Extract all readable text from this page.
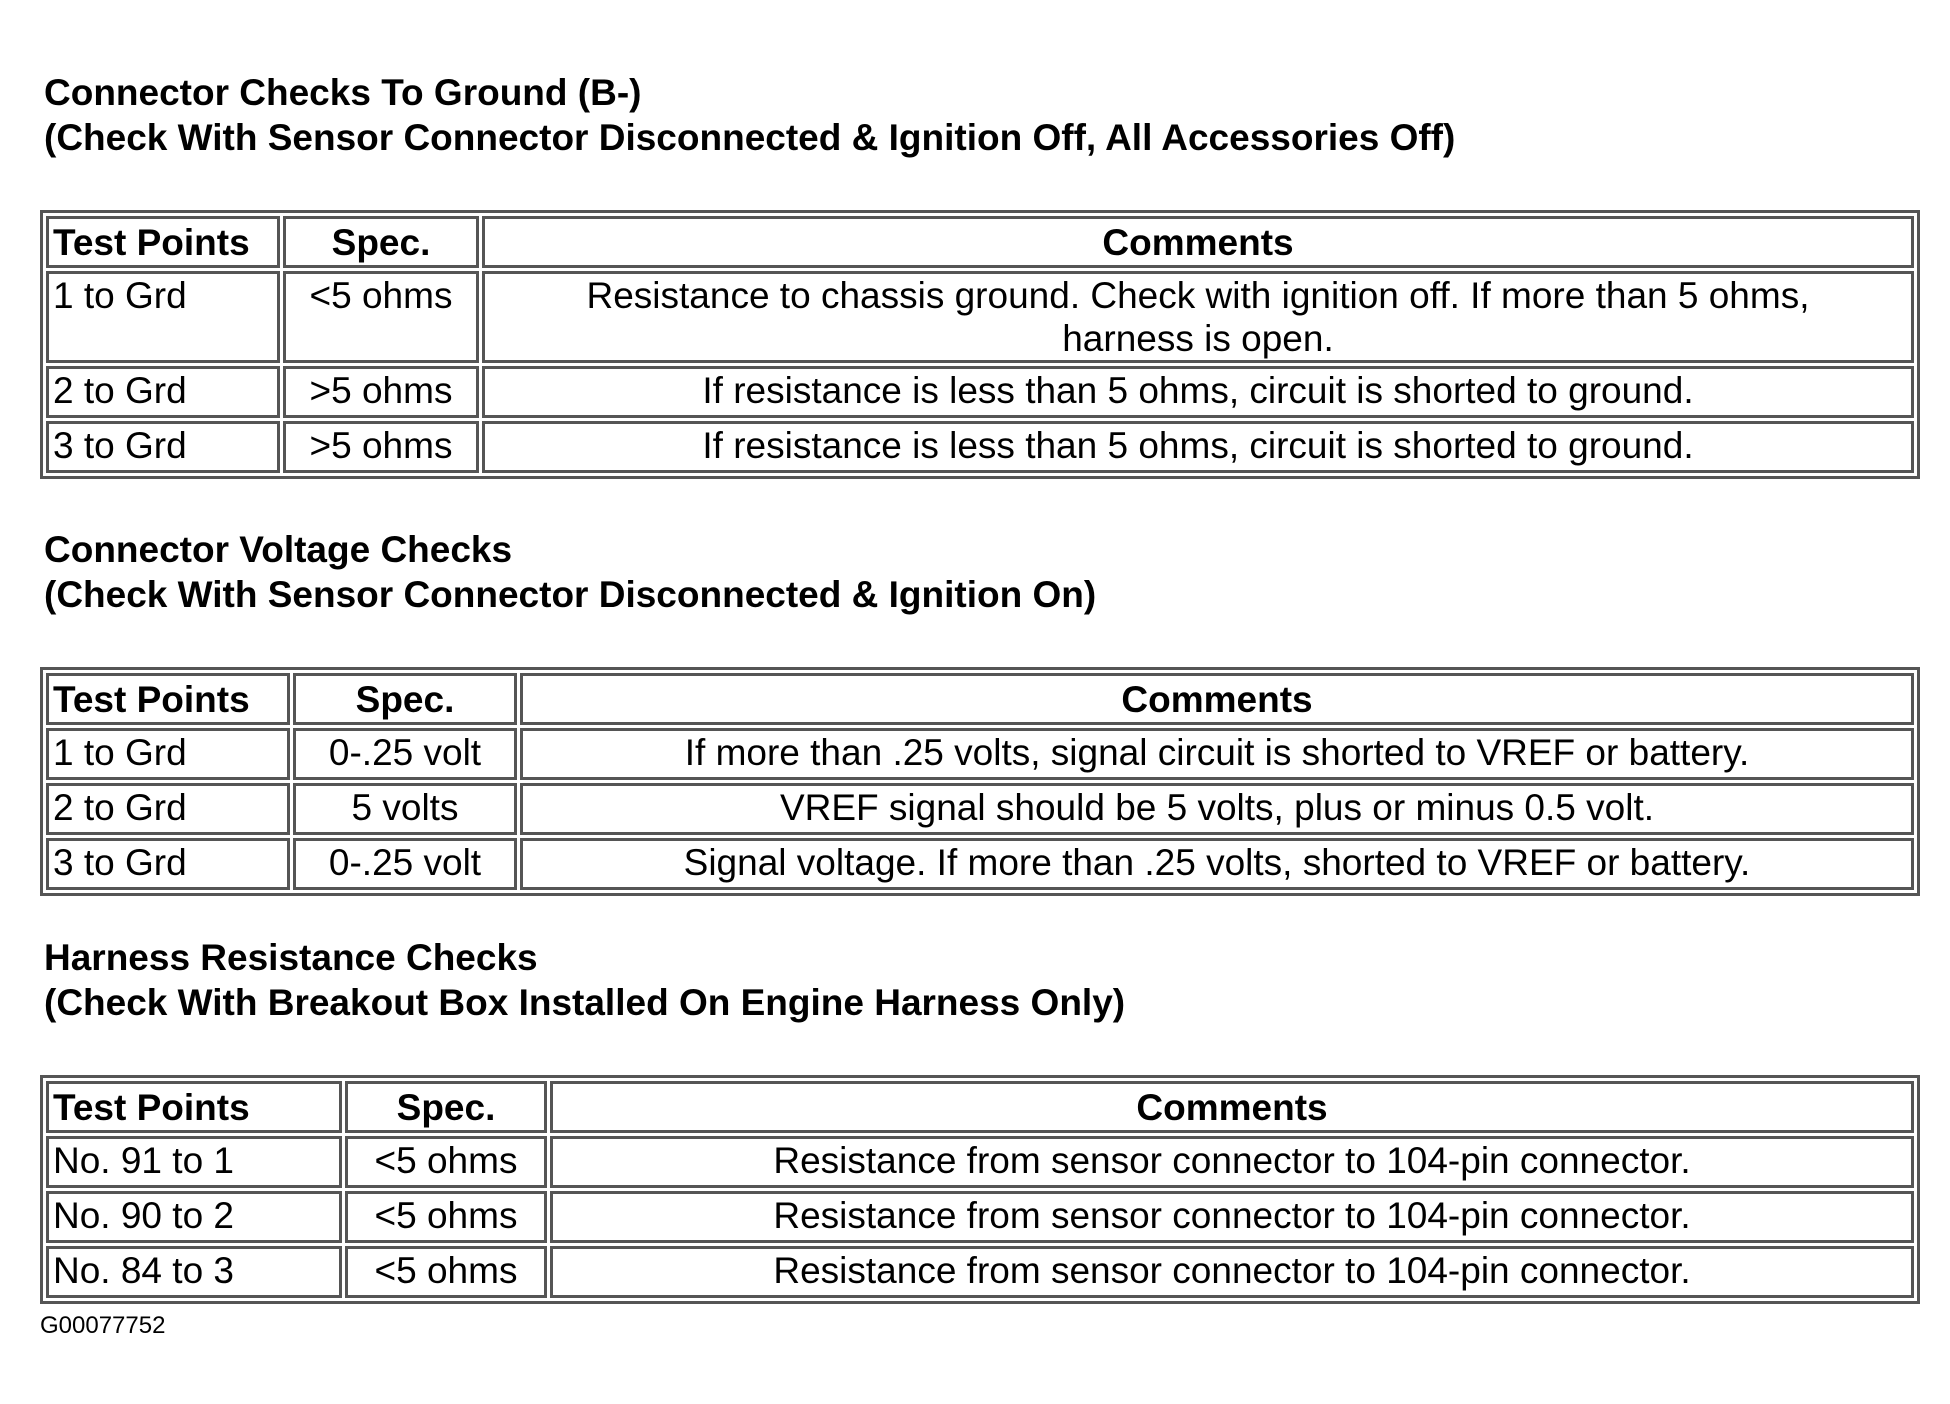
Connector Checks To Ground (B-)

(Check With Sensor Connector Disconnected & Ignition Off, All Accessories Off)

Test Points	Spec.	Comments
1 to Grd	<5 ohms	Resistance to chassis ground. Check with ignition off. If more than 5 ohms, harness is open.
2 to Grd	>5 ohms	If resistance is less than 5 ohms, circuit is shorted to ground.
3 to Grd	>5 ohms	If resistance is less than 5 ohms, circuit is shorted to ground.

Connector Voltage Checks

(Check With Sensor Connector Disconnected & Ignition On)

Test Points	Spec.	Comments
1 to Grd	0-.25 volt	If more than .25 volts, signal circuit is shorted to VREF or battery.
2 to Grd	5 volts	VREF signal should be 5 volts, plus or minus 0.5 volt.
3 to Grd	0-.25 volt	Signal voltage. If more than .25 volts, shorted to VREF or battery.

Harness Resistance Checks

(Check With Breakout Box Installed On Engine Harness Only)

Test Points	Spec.	Comments
No. 91 to 1	<5 ohms	Resistance from sensor connector to 104-pin connector.
No. 90 to 2	<5 ohms	Resistance from sensor connector to 104-pin connector.
No. 84 to 3	<5 ohms	Resistance from sensor connector to 104-pin connector.

G00077752
